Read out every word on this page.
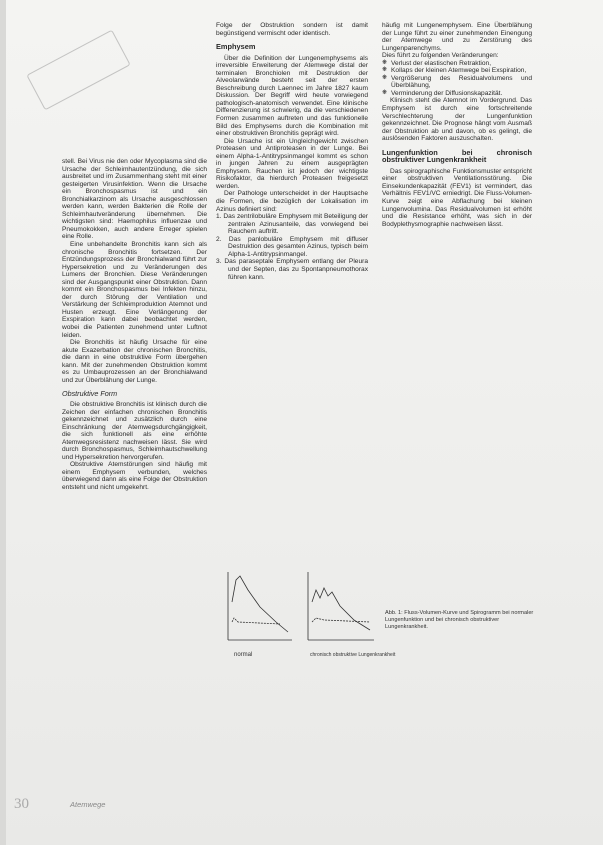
stell. Bei Virus nie den oder Mycoplasma sind die Ursache der Schleimhautentzündung, die sich ausbreitet und im Zusammenhang steht mit einer gesteigerten Virusinfektion. Wenn die Ursache ein Bronchospasmus ist und ein Bronchialkarzinom als Ursache ausgeschlossen werden kann, werden Bakterien die Rolle der Schleimhautveränderung übernehmen. Die wichtigsten sind: Haemophilus influenzae und Pneumokokken, auch andere Erreger spielen eine Rolle.

Eine unbehandelte Bronchitis kann sich als chronische Bronchitis fortsetzen. Der Entzündungsprozess der Bronchialwand führt zur Hypersekretion und zu Veränderungen des Lumens der Bronchien. Diese Veränderungen sind der Ausgangspunkt einer Obstruktion. Dann kommt ein Bronchospasmus bei Infekten hinzu, der durch Störung der Ventilation und Verstärkung der Schleimproduktion Atemnot und Husten erzeugt. Eine Verlängerung der Exspiration kann dabei beobachtet werden, wobei die Patienten zunehmend unter Luftnot leiden.

Die Bronchitis ist häufig Ursache für eine akute Exazerbation der chronischen Bronchitis, die dann in eine obstruktive Form übergehen kann. Mit der zunehmenden Obstruktion kommt es zu Umbauprozessen an der Bronchialwand und zur Überblähung der Lunge.

Obstruktive Form

Die obstruktive Bronchitis ist klinisch durch die Zeichen der einfachen chronischen Bronchitis gekennzeichnet und zusätzlich durch eine Einschränkung der Atemwegsdurchgängigkeit, die sich funktionell als eine erhöhte Atemwegsresistenz nachweisen lässt. Sie wird durch Bronchospasmus, Schleimhautschwellung und Hypersekretion hervorgerufen.

Obstruktive Atemstörungen sind häufig mit einem Emphysem verbunden, welches überwiegend dann als eine Folge der Obstruktion entsteht und nicht umgekehrt.

Folge der Obstruktion sondern ist damit begünstigend vermischt oder identisch.

Emphysem

Über die Definition der Lungenemphysems als irreversible Erweiterung der Atemwege distal der terminalen Bronchiolen mit Destruktion der Alveolarwände besteht seit der ersten Beschreibung durch Laennec im Jahre 1827 kaum Diskussion. Der Begriff wird heute vorwiegend pathologisch-anatomisch verwendet. Eine klinische Differenzierung ist schwierig, da die verschiedenen Formen zusammen auftreten und das funktionelle Bild des Emphysems durch die Kombination mit einer obstruktiven Bronchitis geprägt wird.

Die Ursache ist ein Ungleichgewicht zwischen Proteasen und Antiproteasen in der Lunge. Bei einem Alpha-1-Antitrypsinmangel kommt es schon in jungen Jahren zu einem ausgeprägten Emphysem. Rauchen ist jedoch der wichtigste Risikofaktor, da hierdurch Proteasen freigesetzt werden.

Der Pathologe unterscheidet in der Hauptsache die Formen, die bezüglich der Lokalisation im Azinus definiert sind:

1. Das zentrilobuläre Emphysem mit Beteiligung der zentralen Azinusanteile, das vorwiegend bei Rauchern auftritt.
2. Das panlobuläre Emphysem mit diffuser Destruktion des gesamten Azinus, typisch beim Alpha-1-Antitrypsinmangel.
3. Das paraseptale Emphysem entlang der Pleura und der Septen, das zu Spontanpneumothorax führen kann.

häufig mit Lungenemphysem. Eine Überblähung der Lunge führt zu einer zunehmenden Einengung der Atemwege und zu Zerstörung des Lungenparenchyms.

Dies führt zu folgenden Veränderungen:

❋ Verlust der elastischen Retraktion,
❋ Kollaps der kleinen Atemwege bei Exspiration,
❋ Vergrößerung des Residualvolumens und Überblähung,
❋ Verminderung der Diffusionskapazität.

Klinisch steht die Atemnot im Vordergrund. Das Emphysem ist durch eine fortschreitende Verschlechterung der Lungenfunktion gekennzeichnet. Die Prognose hängt vom Ausmaß der Obstruktion ab und davon, ob es gelingt, die auslösenden Faktoren auszuschalten.

Lungenfunktion bei chronisch obstruktiver Lungenkrankheit

Das spirographische Funktionsmuster entspricht einer obstruktiven Ventilationsstörung. Die Einsekundenkapazität (FEV1) ist vermindert, das Verhältnis FEV1/VC erniedrigt. Die Fluss-Volumen-Kurve zeigt eine Abflachung bei kleinen Lungenvolumina. Das Residualvolumen ist erhöht und die Resistance erhöht, was sich in der Bodyplethysmographie nachweisen lässt.

normal	chronisch obstruktive Lungenkrankheit
Abb. 1: Fluss-Volumen-Kurve und Spirogramm bei normaler Lungenfunktion und bei chronisch obstruktiver Lungenkrankheit.
30	Atemwege
